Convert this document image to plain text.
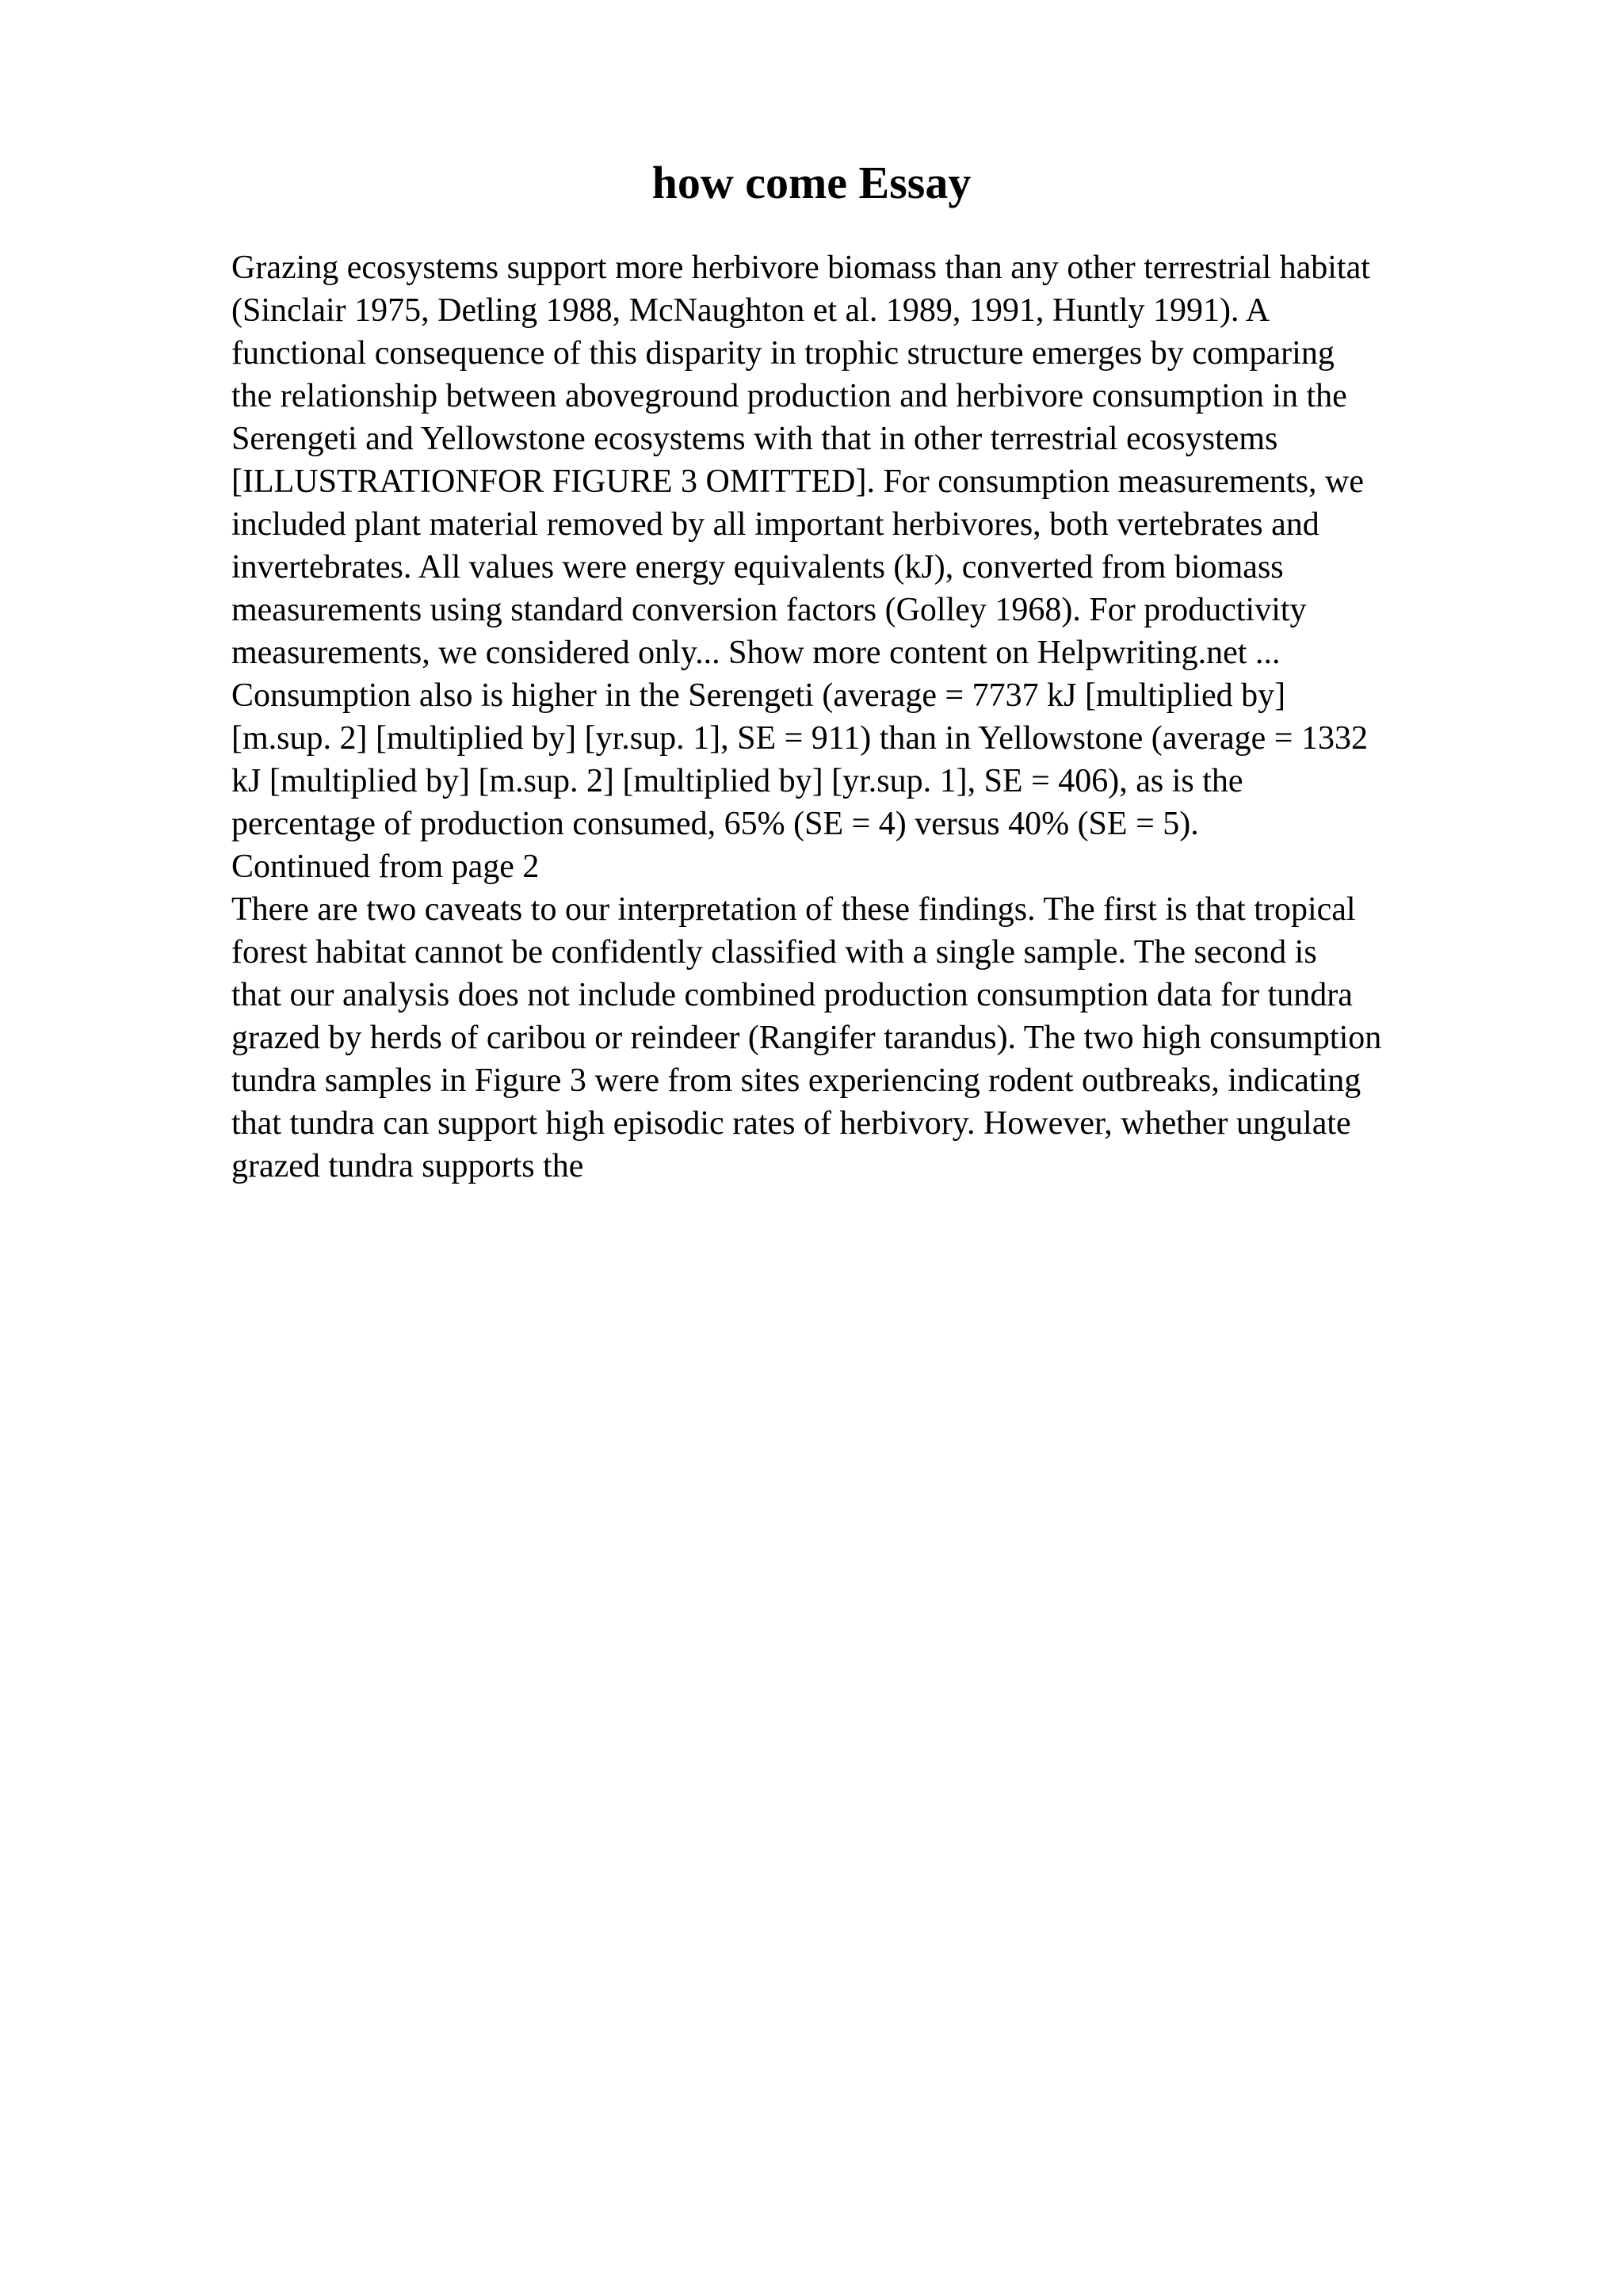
how come Essay
Grazing ecosystems support more herbivore biomass than any other terrestrial habitat
(Sinclair 1975, Detling 1988, McNaughton et al. 1989, 1991, Huntly 1991). A
functional consequence of this disparity in trophic structure emerges by comparing
the relationship between aboveground production and herbivore consumption in the
Serengeti and Yellowstone ecosystems with that in other terrestrial ecosystems
[ILLUSTRATIONFOR FIGURE 3 OMITTED]. For consumption measurements, we
included plant material removed by all important herbivores, both vertebrates and
invertebrates. All values were energy equivalents (kJ), converted from biomass
measurements using standard conversion factors (Golley 1968). For productivity
measurements, we considered only... Show more content on Helpwriting.net ...
Consumption also is higher in the Serengeti (average = 7737 kJ [multiplied by]
[m.sup. 2] [multiplied by] [yr.sup. 1], SE = 911) than in Yellowstone (average = 1332
kJ [multiplied by] [m.sup. 2] [multiplied by] [yr.sup. 1], SE = 406), as is the
percentage of production consumed, 65% (SE = 4) versus 40% (SE = 5).
Continued from page 2
There are two caveats to our interpretation of these findings. The first is that tropical
forest habitat cannot be confidently classified with a single sample. The second is
that our analysis does not include combined production consumption data for tundra
grazed by herds of caribou or reindeer (Rangifer tarandus). The two high consumption
tundra samples in Figure 3 were from sites experiencing rodent outbreaks, indicating
that tundra can support high episodic rates of herbivory. However, whether ungulate
grazed tundra supports the
